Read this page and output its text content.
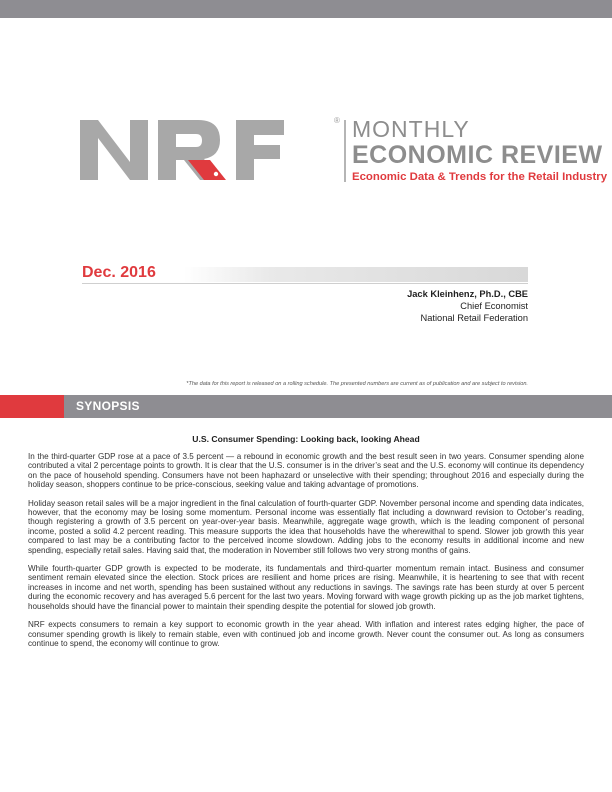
® MONTHLY
ECONOMIC REVIEW
Economic Data & Trends for the Retail Industry
Dec. 2016
Jack Kleinhenz, Ph.D., CBE
Chief Economist
National Retail Federation
*The data for this report is released on a rolling schedule. The presented numbers are current as of publication and are subject to revision.
SYNOPSIS
U.S. Consumer Spending: Looking back, looking Ahead

In the third-quarter GDP rose at a pace of 3.5 percent — a rebound in economic growth and the best result seen in two years. Consumer spending alone contributed a vital 2 percentage points to growth. It is clear that the U.S. consumer is in the driver’s seat and the U.S. economy will continue its dependency on the pace of household spending. Consumers have not been haphazard or unselective with their spending; throughout 2016 and especially during the holiday season, shoppers continue to be price-conscious, seeking value and taking advantage of promotions.

Holiday season retail sales will be a major ingredient in the final calculation of fourth-quarter GDP. November personal income and spending data indicates, however, that the economy may be losing some momentum. Personal income was essentially flat including a downward revision to October’s reading, though registering a growth of 3.5 percent on year-over-year basis. Meanwhile, aggregate wage growth, which is the leading component of personal income, posted a solid 4.2 percent reading. This measure supports the idea that households have the wherewithal to spend. Slower job growth this year compared to last may be a contributing factor to the perceived income slowdown. Adding jobs to the economy results in additional income and new spending, especially retail sales. Having said that, the moderation in November still follows two very strong months of gains.

While fourth-quarter GDP growth is expected to be moderate, its fundamentals and third-quarter momentum remain intact. Business and consumer sentiment remain elevated since the election. Stock prices are resilient and home prices are rising. Meanwhile, it is heartening to see that with recent increases in income and net worth, spending has been sustained without any reductions in savings. The savings rate has been sturdy at over 5 percent during the economic recovery and has averaged 5.6 percent for the last two years. Moving forward with wage growth picking up as the job market tightens, households should have the financial power to maintain their spending despite the potential for slowed job growth.

NRF expects consumers to remain a key support to economic growth in the year ahead. With inflation and interest rates edging higher, the pace of consumer spending growth is likely to remain stable, even with continued job and income growth. Never count the consumer out. As long as consumers continue to spend, the economy will continue to grow.
